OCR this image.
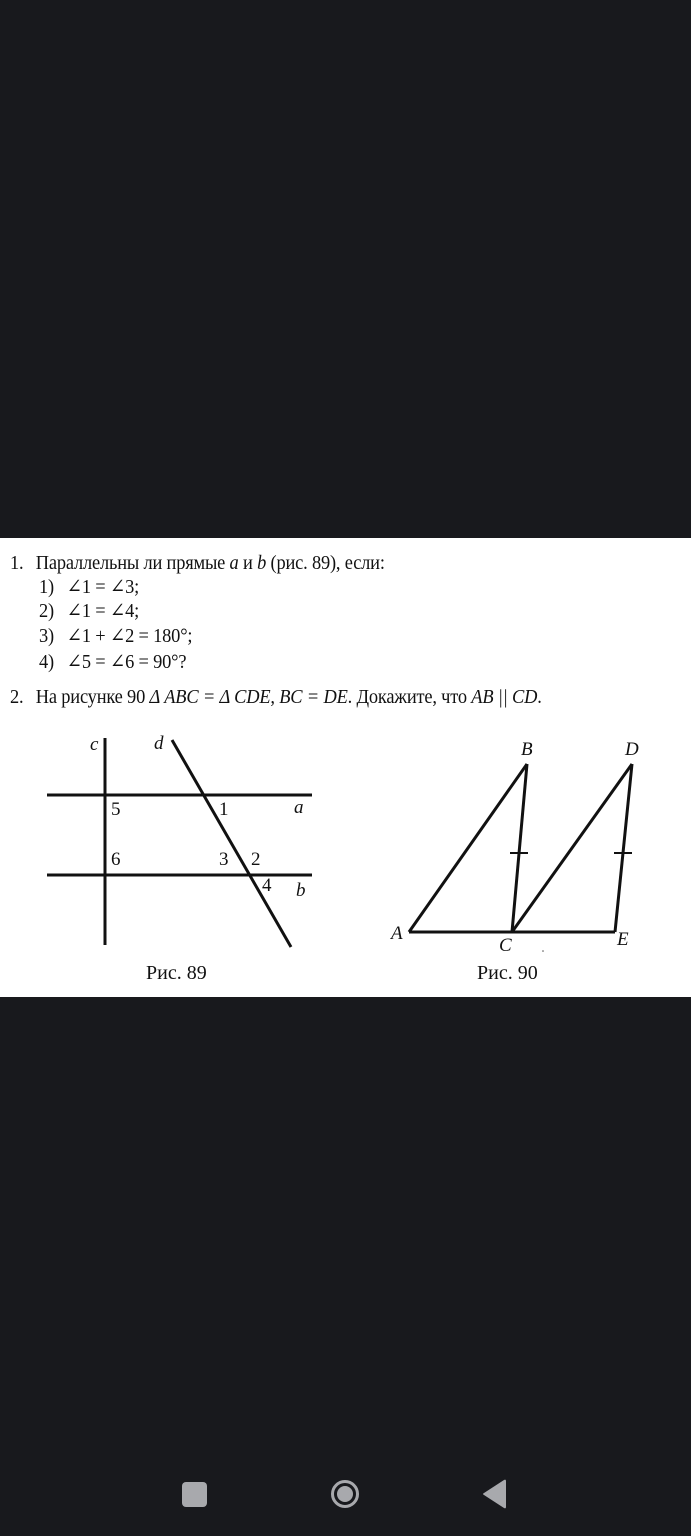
1. Параллельны ли прямые a и b (рис. 89), если:
1) ∠1 = ∠3;
2) ∠1 = ∠4;
3) ∠1 + ∠2 = 180°;
4) ∠5 = ∠6 = 90°?
2. На рисунке 90 Δ ABC = Δ CDE, BC = DE. Докажите, что AB || CD.
c	d
a
b
1
2
3
4
5
6
Рис. 89
B	D
A
C	E
Рис. 90
